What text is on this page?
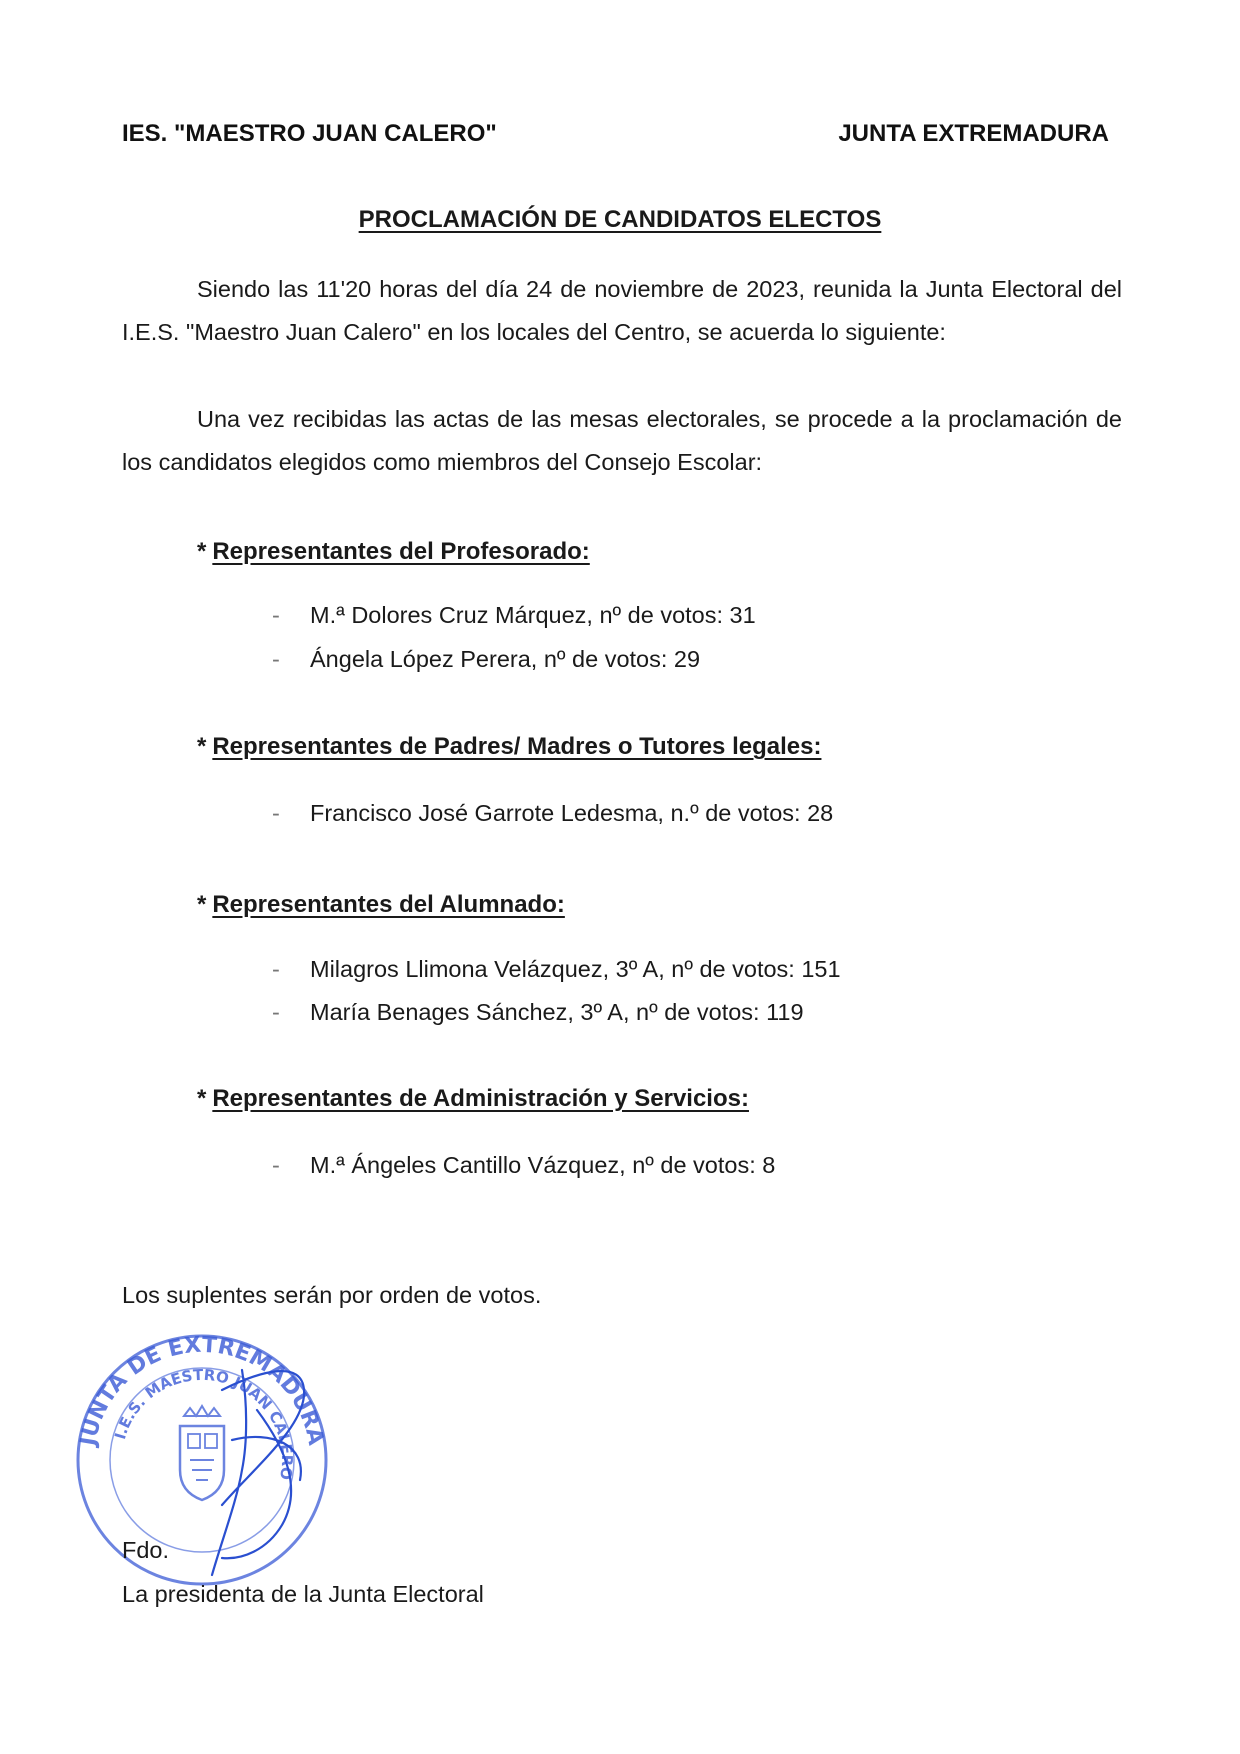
IES. "MAESTRO JUAN CALERO"	JUNTA EXTREMADURA
PROCLAMACIÓN DE CANDIDATOS ELECTOS
Siendo las 11'20 horas del día 24 de noviembre de 2023, reunida la Junta Electoral del I.E.S. "Maestro Juan Calero" en los locales del Centro, se acuerda lo siguiente:
Una vez recibidas las actas de las mesas electorales, se procede a la proclamación de los candidatos elegidos como miembros del Consejo Escolar:
* Representantes del Profesorado:
- M.ª Dolores Cruz Márquez, nº de votos: 31
- Ángela López Perera, nº de votos: 29
* Representantes de Padres/ Madres o Tutores legales:
- Francisco José Garrote Ledesma, n.º de votos: 28
* Representantes del Alumnado:
- Milagros Llimona Velázquez, 3º A, nº de votos: 151
- María Benages Sánchez, 3º A, nº de votos: 119
* Representantes de Administración y Servicios:
- M.ª Ángeles Cantillo Vázquez, nº de votos: 8
Los suplentes serán por orden de votos.
JUNTA DE EXTREMADURA
I.E.S. MAESTRO JUAN CALERO
Fdo.
La presidenta de la Junta Electoral
